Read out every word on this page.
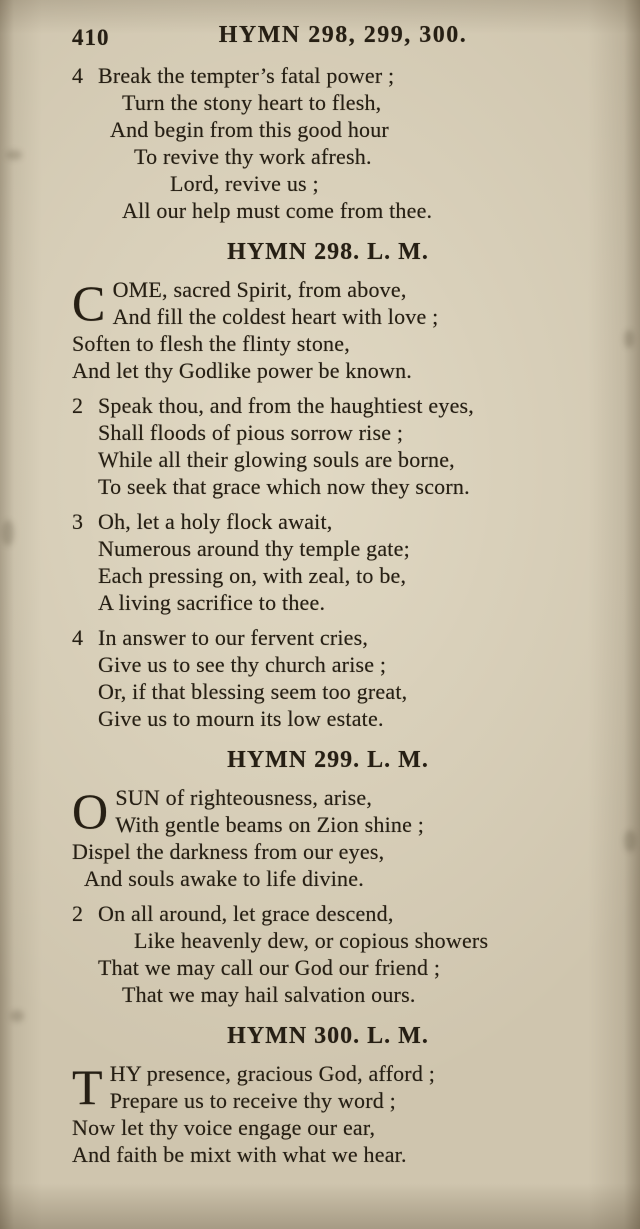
410	HYMN 298, 299, 300.
4 Break the tempter’s fatal power ;
Turn the stony heart to flesh,
And begin from this good hour
To revive thy work afresh.
Lord, revive us ;
All our help must come from thee.
HYMN 298. L. M.
C OME, sacred Spirit, from above,
And fill the coldest heart with love ;
Soften to flesh the flinty stone,
And let thy Godlike power be known.
2 Speak thou, and from the haughtiest eyes,
Shall floods of pious sorrow rise ;
While all their glowing souls are borne,
To seek that grace which now they scorn.
3 Oh, let a holy flock await,
Numerous around thy temple gate;
Each pressing on, with zeal, to be,
A living sacrifice to thee.
4 In answer to our fervent cries,
Give us to see thy church arise ;
Or, if that blessing seem too great,
Give us to mourn its low estate.
HYMN 299. L. M.
O SUN of righteousness, arise,
With gentle beams on Zion shine ;
Dispel the darkness from our eyes,
And souls awake to life divine.
2 On all around, let grace descend,
Like heavenly dew, or copious showers
That we may call our God our friend ;
That we may hail salvation ours.
HYMN 300. L. M.
T HY presence, gracious God, afford ;
Prepare us to receive thy word ;
Now let thy voice engage our ear,
And faith be mixt with what we hear.
